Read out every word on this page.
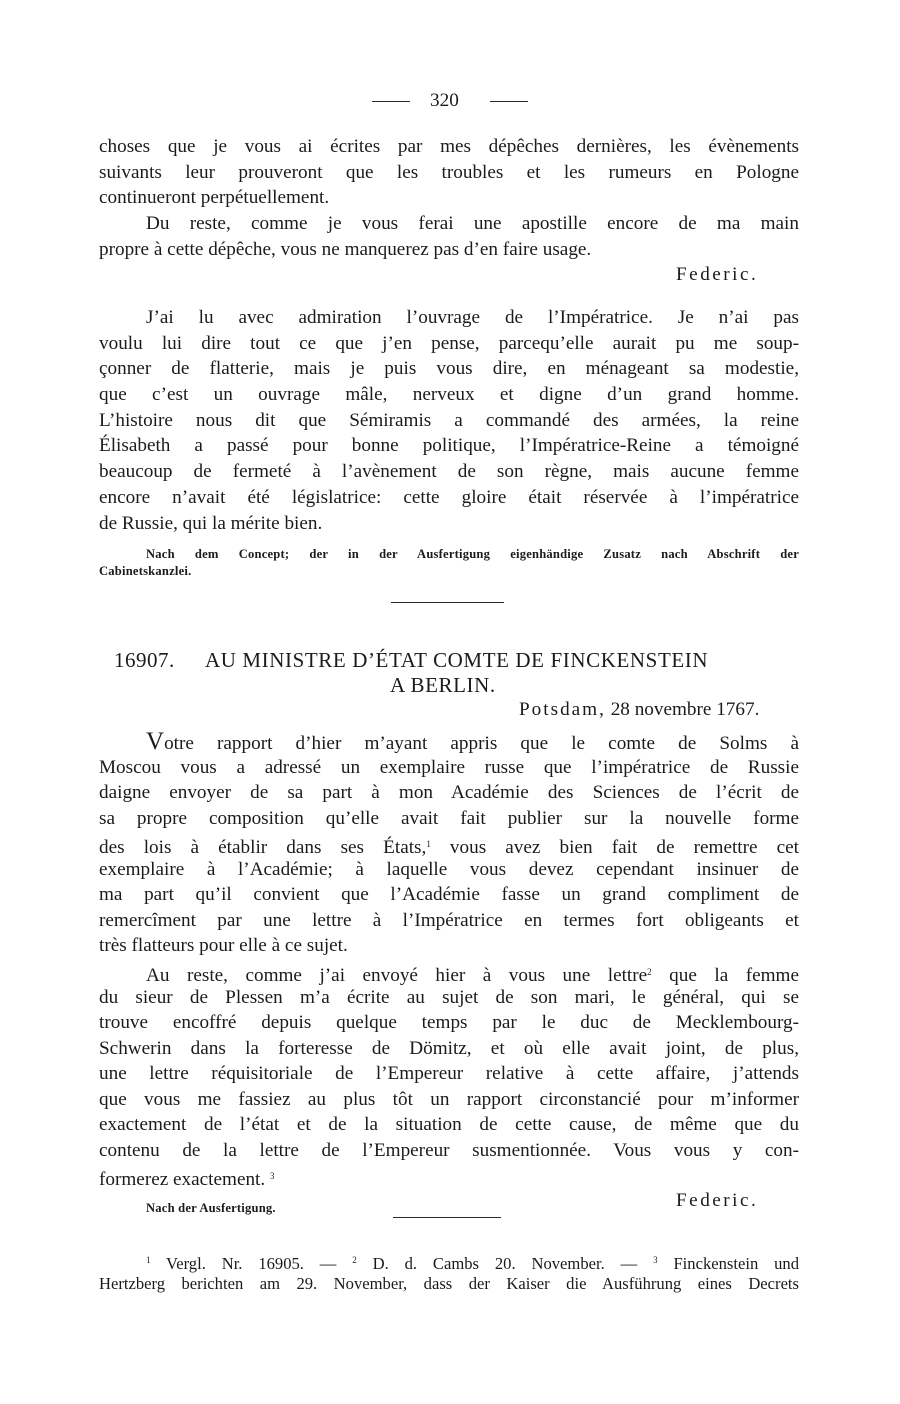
320
choses que je vous ai écrites par mes dépêches dernières, les évènements
suivants leur prouveront que les troubles et les rumeurs en Pologne
continueront perpétuellement.
Du reste, comme je vous ferai une apostille encore de ma main
propre à cette dépêche, vous ne manquerez pas d’en faire usage.
Federic.
J’ai lu avec admiration l’ouvrage de l’Impératrice. Je n’ai pas
voulu lui dire tout ce que j’en pense, parcequ’elle aurait pu me soup-
çonner de flatterie, mais je puis vous dire, en ménageant sa modestie,
que c’est un ouvrage mâle, nerveux et digne d’un grand homme.
L’histoire nous dit que Sémiramis a commandé des armées, la reine
Élisabeth a passé pour bonne politique, l’Impératrice-Reine a témoigné
beaucoup de fermeté à l’avènement de son règne, mais aucune femme
encore n’avait été législatrice: cette gloire était réservée à l’impératrice
de Russie, qui la mérite bien.
Nach dem Concept; der in der Ausfertigung eigenhändige Zusatz nach Abschrift der
Cabinetskanzlei.
16907. AU MINISTRE D’ÉTAT COMTE DE FINCKENSTEIN
A BERLIN.
Potsdam, 28 novembre 1767.
Votre rapport d’hier m’ayant appris que le comte de Solms à
Moscou vous a adressé un exemplaire russe que l’impératrice de Russie
daigne envoyer de sa part à mon Académie des Sciences de l’écrit de
sa propre composition qu’elle avait fait publier sur la nouvelle forme
des lois à établir dans ses États,$^1$ vous avez bien fait de remettre cet
exemplaire à l’Académie; à laquelle vous devez cependant insinuer de
ma part qu’il convient que l’Académie fasse un grand compliment de
remercîment par une lettre à l’Impératrice en termes fort obligeants et
très flatteurs pour elle à ce sujet.
Au reste, comme j’ai envoyé hier à vous une lettre$^2$ que la femme
du sieur de Plessen m’a écrite au sujet de son mari, le général, qui se
trouve encoffré depuis quelque temps par le duc de Mecklembourg-
Schwerin dans la forteresse de Dömitz, et où elle avait joint, de plus,
une lettre réquisitoriale de l’Empereur relative à cette affaire, j’attends
que vous me fassiez au plus tôt un rapport circonstancié pour m’informer
exactement de l’état et de la situation de cette cause, de même que du
contenu de la lettre de l’Empereur susmentionnée. Vous vous y con-
formerez exactement. $^3$
Nach der Ausfertigung.	Federic.
$^1$ Vergl. Nr. 16905. — $^2$ D. d. Cambs 20. November. — $^3$ Finckenstein und
Hertzberg berichten am 29. November, dass der Kaiser die Ausführung eines Decrets
